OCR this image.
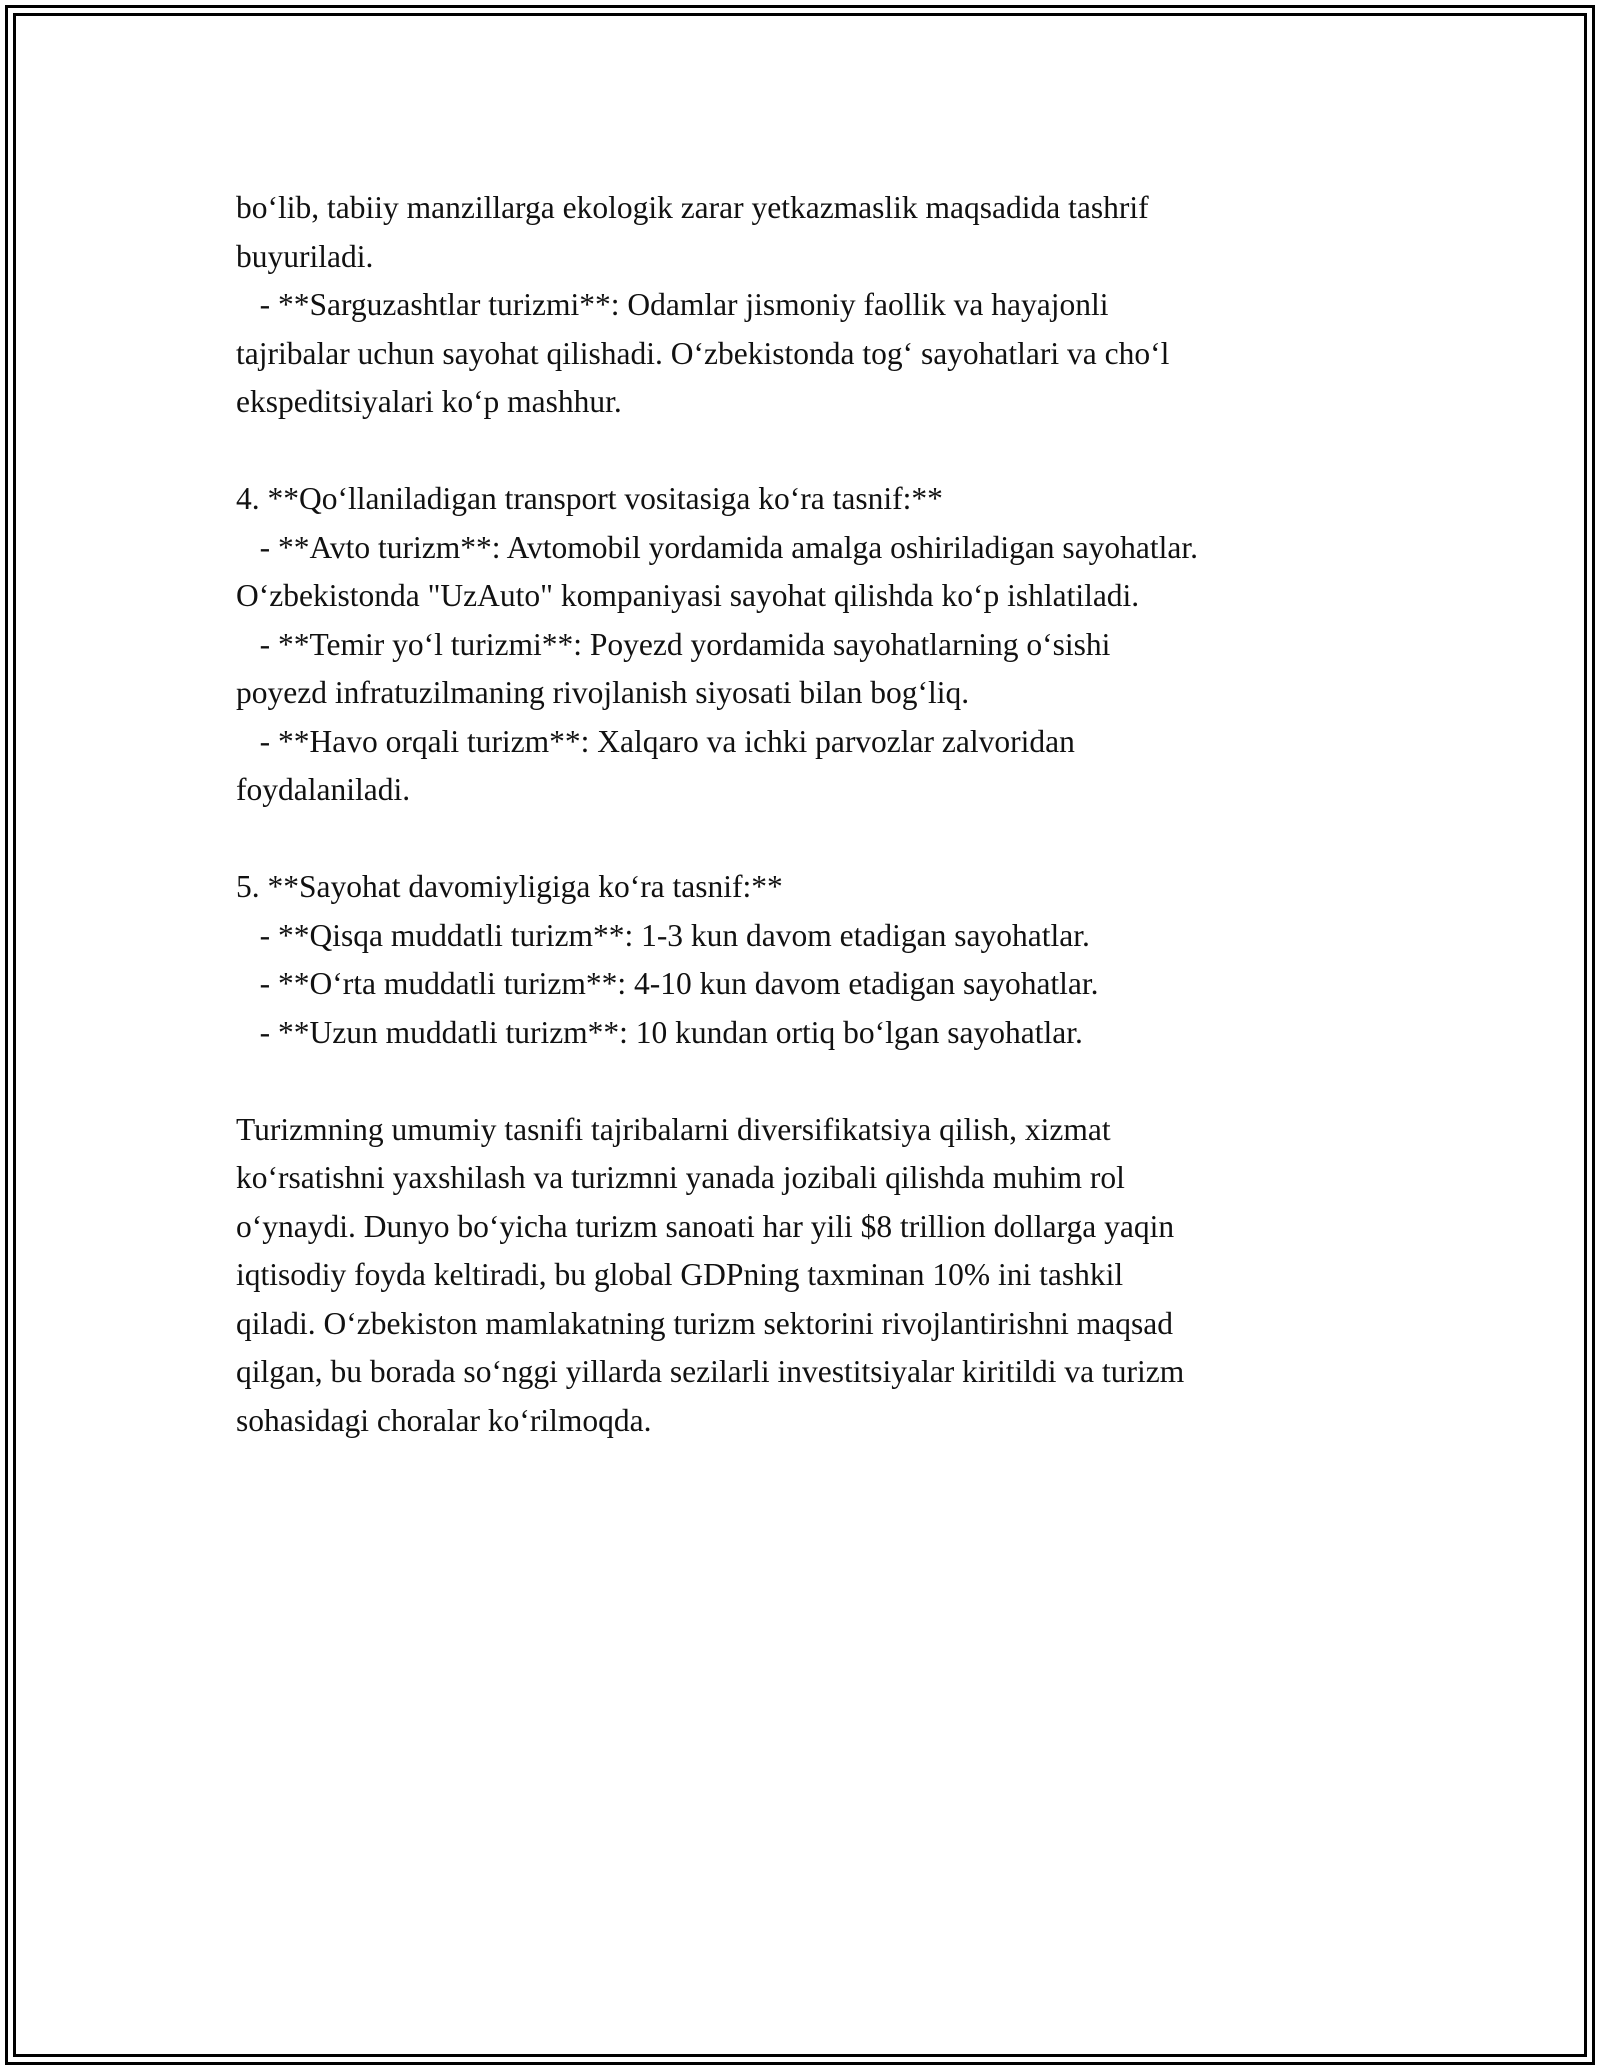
bo‘lib, tabiiy manzillarga ekologik zarar yetkazmaslik maqsadida tashrif

buyuriladi.

- **Sarguzashtlar turizmi**: Odamlar jismoniy faollik va hayajonli

tajribalar uchun sayohat qilishadi. O‘zbekistonda tog‘ sayohatlari va cho‘l

ekspeditsiyalari ko‘p mashhur.

4. **Qo‘llaniladigan transport vositasiga ko‘ra tasnif:**

- **Avto turizm**: Avtomobil yordamida amalga oshiriladigan sayohatlar.

O‘zbekistonda "UzAuto" kompaniyasi sayohat qilishda ko‘p ishlatiladi.

- **Temir yo‘l turizmi**: Poyezd yordamida sayohatlarning o‘sishi

poyezd infratuzilmaning rivojlanish siyosati bilan bog‘liq.

- **Havo orqali turizm**: Xalqaro va ichki parvozlar zalvoridan

foydalaniladi.

5. **Sayohat davomiyligiga ko‘ra tasnif:**

- **Qisqa muddatli turizm**: 1-3 kun davom etadigan sayohatlar.

- **O‘rta muddatli turizm**: 4-10 kun davom etadigan sayohatlar.

- **Uzun muddatli turizm**: 10 kundan ortiq bo‘lgan sayohatlar.

Turizmning umumiy tasnifi tajribalarni diversifikatsiya qilish, xizmat

ko‘rsatishni yaxshilash va turizmni yanada jozibali qilishda muhim rol

o‘ynaydi. Dunyo bo‘yicha turizm sanoati har yili $8 trillion dollarga yaqin

iqtisodiy foyda keltiradi, bu global GDPning taxminan 10% ini tashkil

qiladi. O‘zbekiston mamlakatning turizm sektorini rivojlantirishni maqsad

qilgan, bu borada so‘nggi yillarda sezilarli investitsiyalar kiritildi va turizm

sohasidagi choralar ko‘rilmoqda.
